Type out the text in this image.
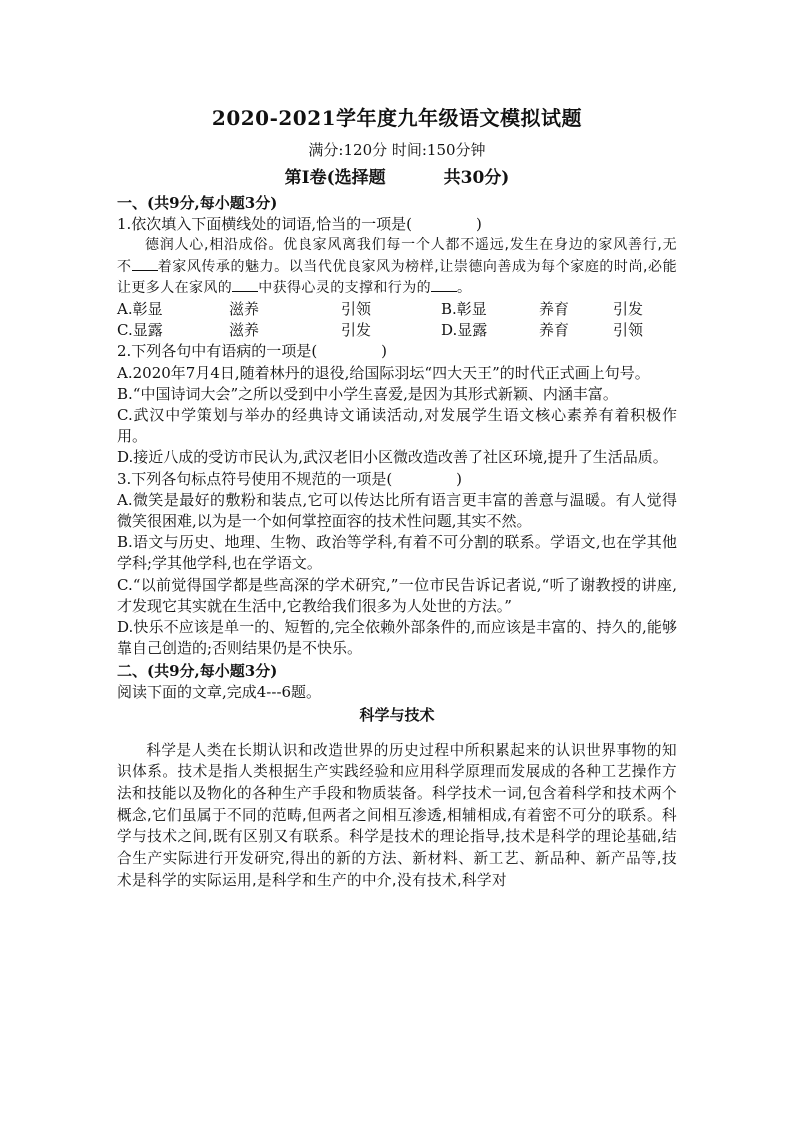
2020-2021学年度九年级语文模拟试题
满分:120分 时间:150分钟
第Ⅰ卷(选择题	共30分)
一、(共9分,每小题3分)
1.依次填入下面横线处的词语,恰当的一项是(	)
德润人心,相沿成俗。优良家风离我们每一个人都不遥远,发生在身边的家风善行,无不 着家风传承的魅力。以当代优良家风为榜样,让崇德向善成为每个家庭的时尚,必能让更多人在家风的 中获得心灵的支撑和行为的 。
A.彰显	滋养	引领	B.彰显	养育	引发
C.显露	滋养	引发	D.显露	养育	引领
2.下列各句中有语病的一项是(	)
A.2020年7月4日,随着林丹的退役,给国际羽坛“四大天王”的时代正式画上句号。
B.“中国诗词大会”之所以受到中小学生喜爱,是因为其形式新颖、内涵丰富。
C.武汉中学策划与举办的经典诗文诵读活动,对发展学生语文核心素养有着积极作用。
D.接近八成的受访市民认为,武汉老旧小区微改造改善了社区环境,提升了生活品质。
3.下列各句标点符号使用不规范的一项是(	)
A.微笑是最好的敷粉和装点,它可以传达比所有语言更丰富的善意与温暖。有人觉得微笑很困难,以为是一个如何掌控面容的技术性问题,其实不然。
B.语文与历史、地理、生物、政治等学科,有着不可分割的联系。学语文,也在学其他学科;学其他学科,也在学语文。
C.“以前觉得国学都是些高深的学术研究,”一位市民告诉记者说,“听了谢教授的讲座,才发现它其实就在生活中,它教给我们很多为人处世的方法。”
D.快乐不应该是单一的、短暂的,完全依赖外部条件的,而应该是丰富的、持久的,能够靠自己创造的;否则结果仍是不快乐。
二、(共9分,每小题3分)
阅读下面的文章,完成4---6题。
科学与技术
科学是人类在长期认识和改造世界的历史过程中所积累起来的认识世界事物的知识体系。技术是指人类根据生产实践经验和应用科学原理而发展成的各种工艺操作方法和技能以及物化的各种生产手段和物质装备。科学技术一词,包含着科学和技术两个概念,它们虽属于不同的范畴,但两者之间相互渗透,相辅相成,有着密不可分的联系。科学与技术之间,既有区别又有联系。科学是技术的理论指导,技术是科学的理论基础,结合生产实际进行开发研究,得出的新的方法、新材料、新工艺、新品种、新产品等,技术是科学的实际运用,是科学和生产的中介,没有技术,科学对
